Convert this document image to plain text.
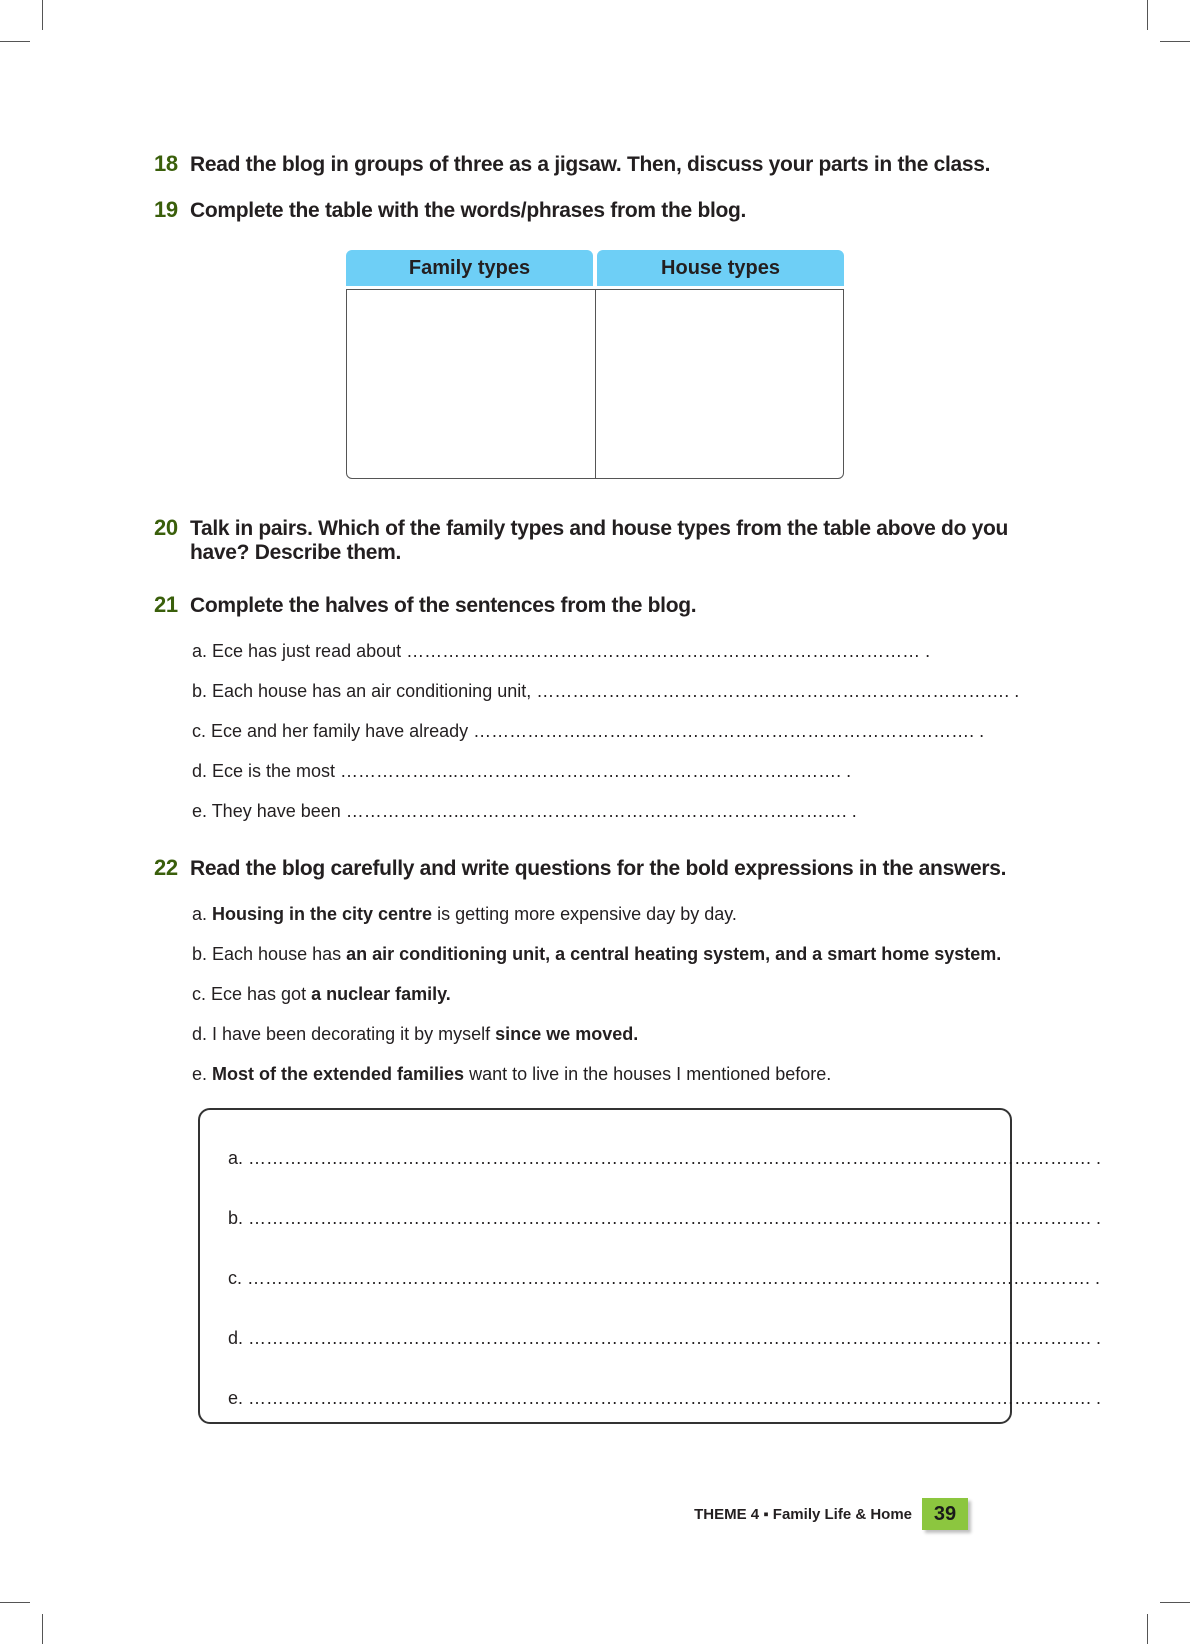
18 Read the blog in groups of three as a jigsaw. Then, discuss your parts in the class.
19 Complete the table with the words/phrases from the blog.
Family types	House types
20 Talk in pairs. Which of the family types and house types from the table above do you have? Describe them.
21 Complete the halves of the sentences from the blog.
a. Ece has just read about ………………..………………………………………………………… .
b. Each house has an air conditioning unit, ……………………………………………………………………. .
c. Ece and her family have already ………………..………………………………………………………. .
d. Ece is the most ………………..………………………………………………………. .
e. They have been ………………..………………………………………………………. .
22 Read the blog carefully and write questions for the bold expressions in the answers.
a. Housing in the city centre is getting more expensive day by day.
b. Each house has an air conditioning unit, a central heating system, and a smart home system.
c. Ece has got a nuclear family.
d. I have been decorating it by myself since we moved.
e. Most of the extended families want to live in the houses I mentioned before.
a. ……………..……………………………………………………………………………………………………………. .
b. ……………..……………………………………………………………………………………………………………. .
c. ……………..……………………………………………………………………………………………………………. .
d. ……………..……………………………………………………………………………………………………………. .
e. ……………..……………………………………………………………………………………………………………. .
THEME 4 ▪ Family Life & Home	39
